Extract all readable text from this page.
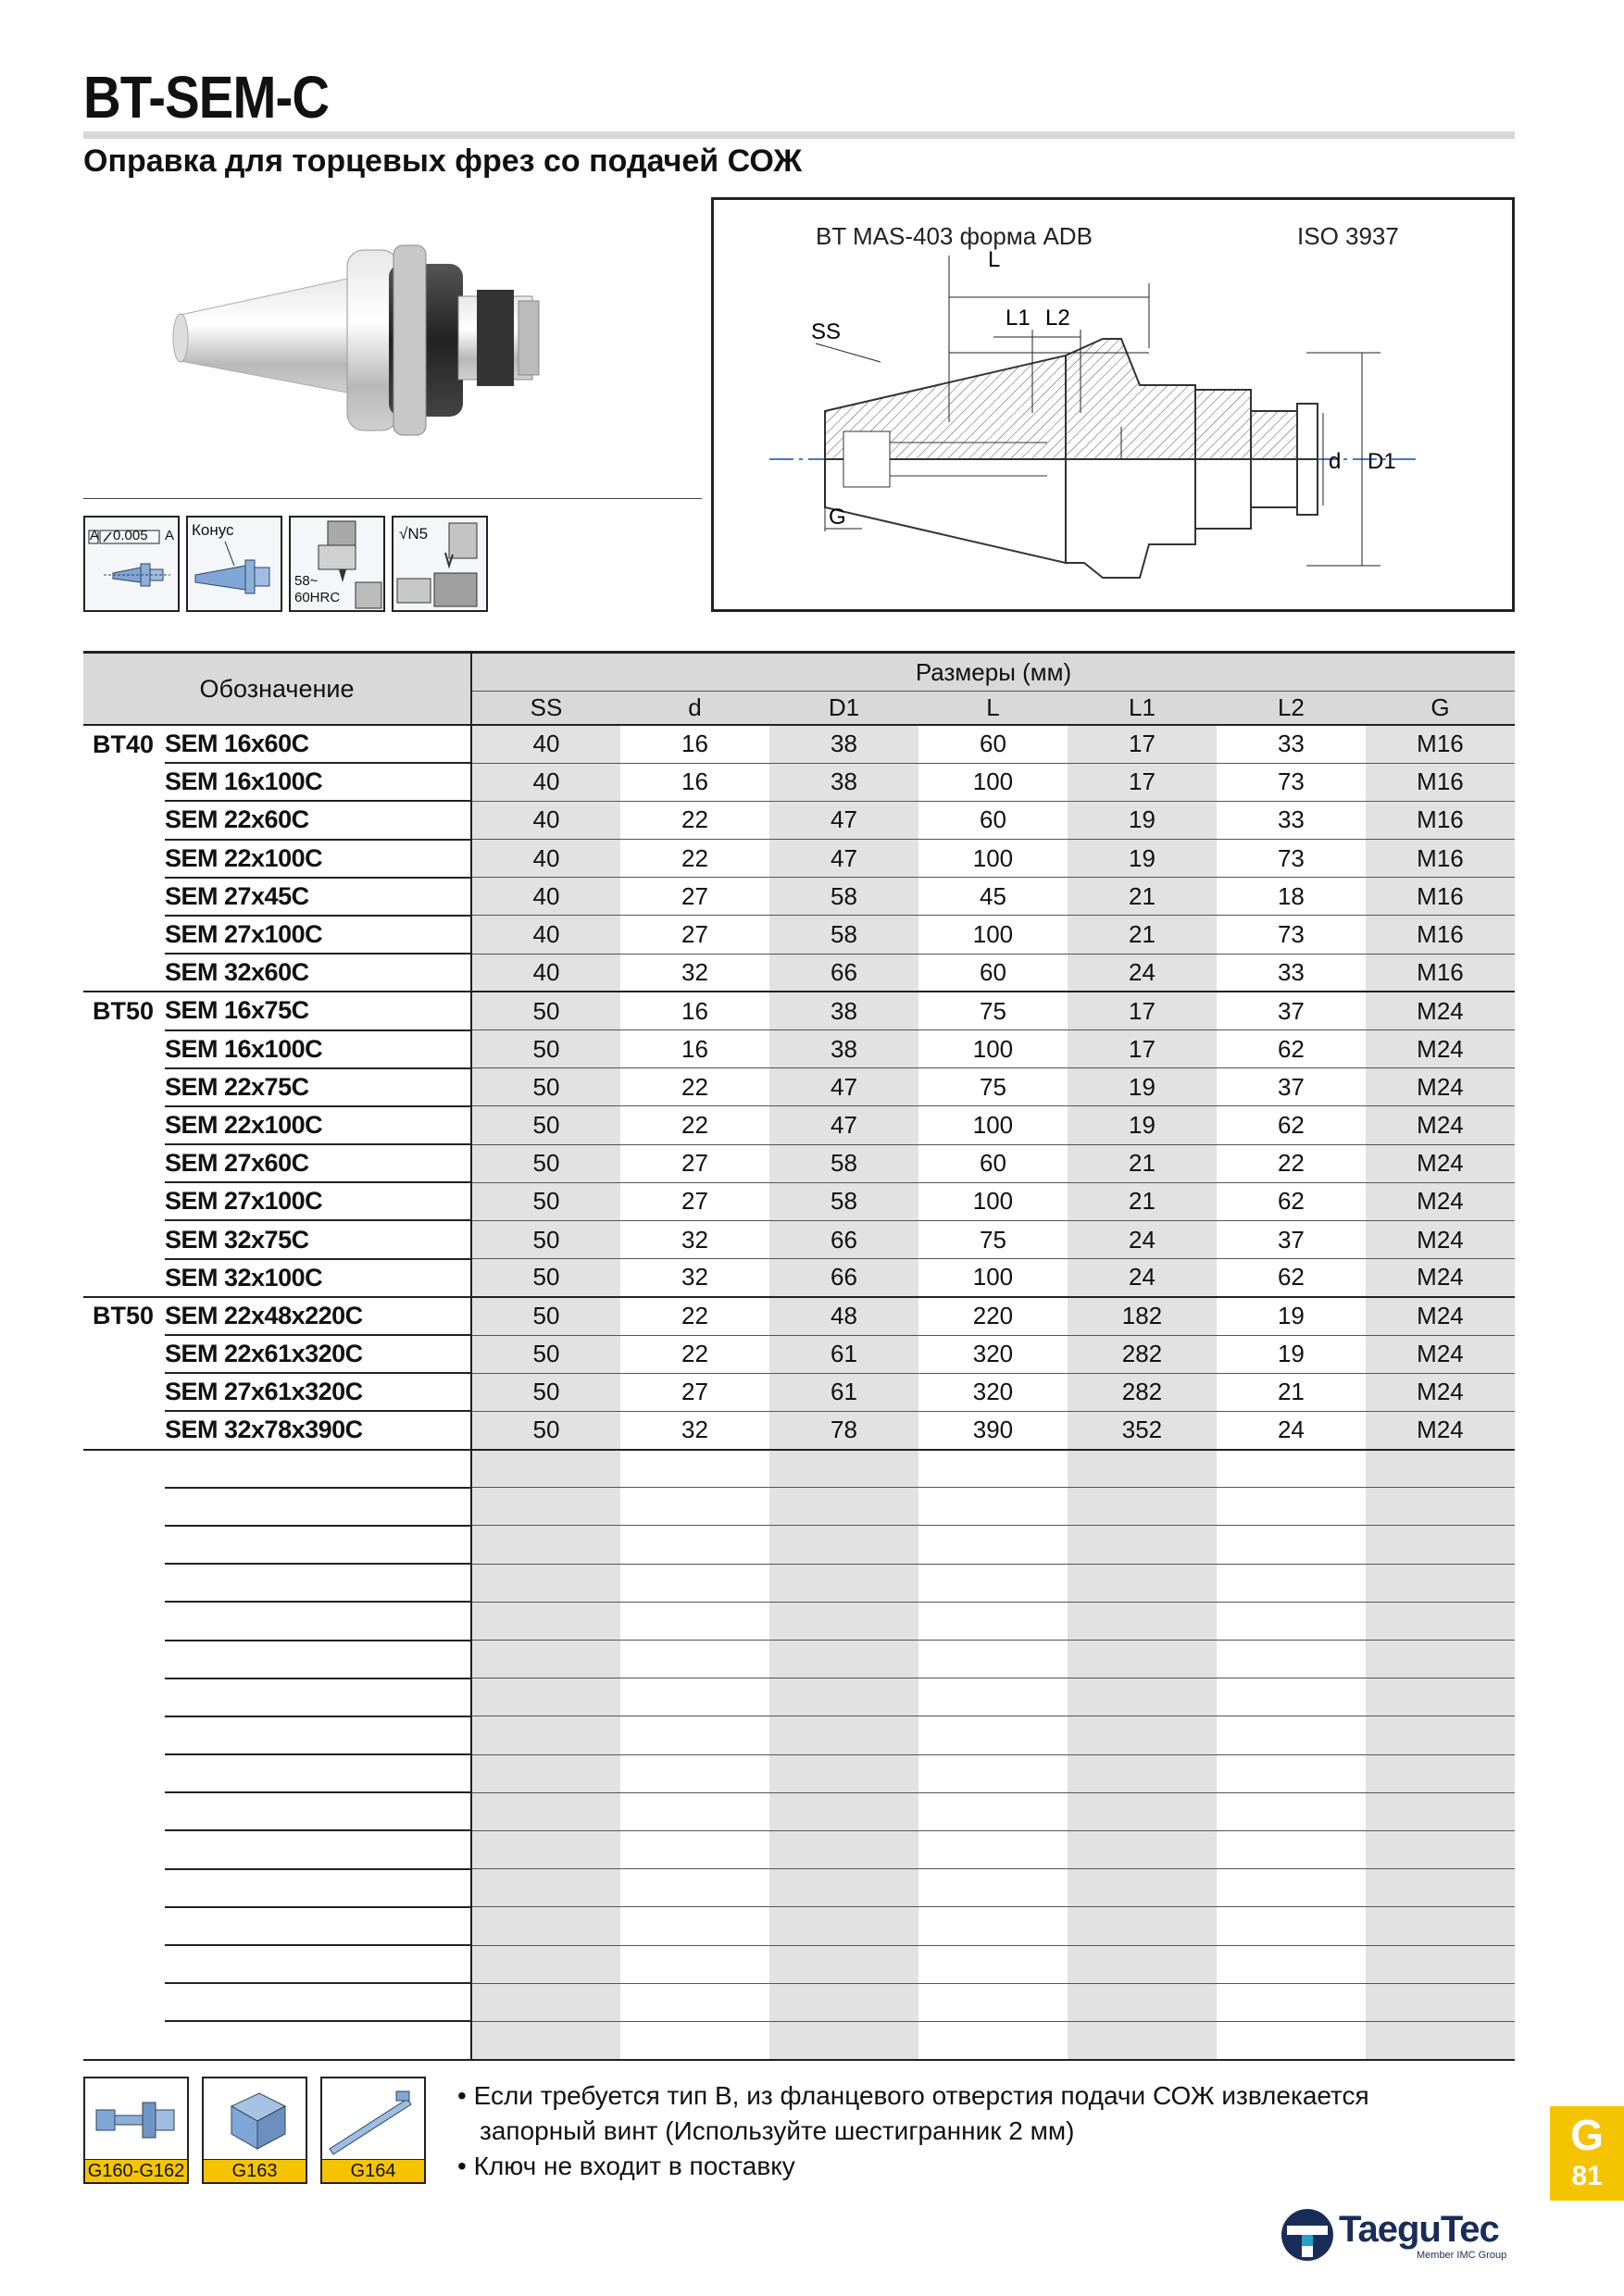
BT-SEM-C
Оправка для торцевых фрез со подачей СОЖ
A 0.005 A Конус
58~
60HRC
√N5
BT MAS-403 форма ADB	ISO 3937
L
L1 L2
SS
G
d D1
Обозначение		Размеры (мм)						
		SS	d	D1	L	L1	L2	G
BT40	SEM 16x60C	40	16	38	60	17	33	M16
	SEM 16x100C	40	16	38	100	17	73	M16
	SEM 22x60C	40	22	47	60	19	33	M16
	SEM 22x100C	40	22	47	100	19	73	M16
	SEM 27x45C	40	27	58	45	21	18	M16
	SEM 27x100C	40	27	58	100	21	73	M16
	SEM 32x60C	40	32	66	60	24	33	M16
BT50	SEM 16x75C	50	16	38	75	17	37	M24
	SEM 16x100C	50	16	38	100	17	62	M24
	SEM 22x75C	50	22	47	75	19	37	M24
	SEM 22x100C	50	22	47	100	19	62	M24
	SEM 27x60C	50	27	58	60	21	22	M24
	SEM 27x100C	50	27	58	100	21	62	M24
	SEM 32x75C	50	32	66	75	24	37	M24
	SEM 32x100C	50	32	66	100	24	62	M24
BT50	SEM 22x48x220C	50	22	48	220	182	19	M24
	SEM 22x61x320C	50	22	61	320	282	19	M24
	SEM 27x61x320C	50	27	61	320	282	21	M24
	SEM 32x78x390C	50	32	78	390	352	24	M24

G160-G162	G163	G164
• Если требуется тип В, из фланцевого отверстия подачи СОЖ извлекается
запорный винт (Используйте шестигранник 2 мм)
• Ключ не входит в поставку
G
81
TaeguTec
Member IMC Group
